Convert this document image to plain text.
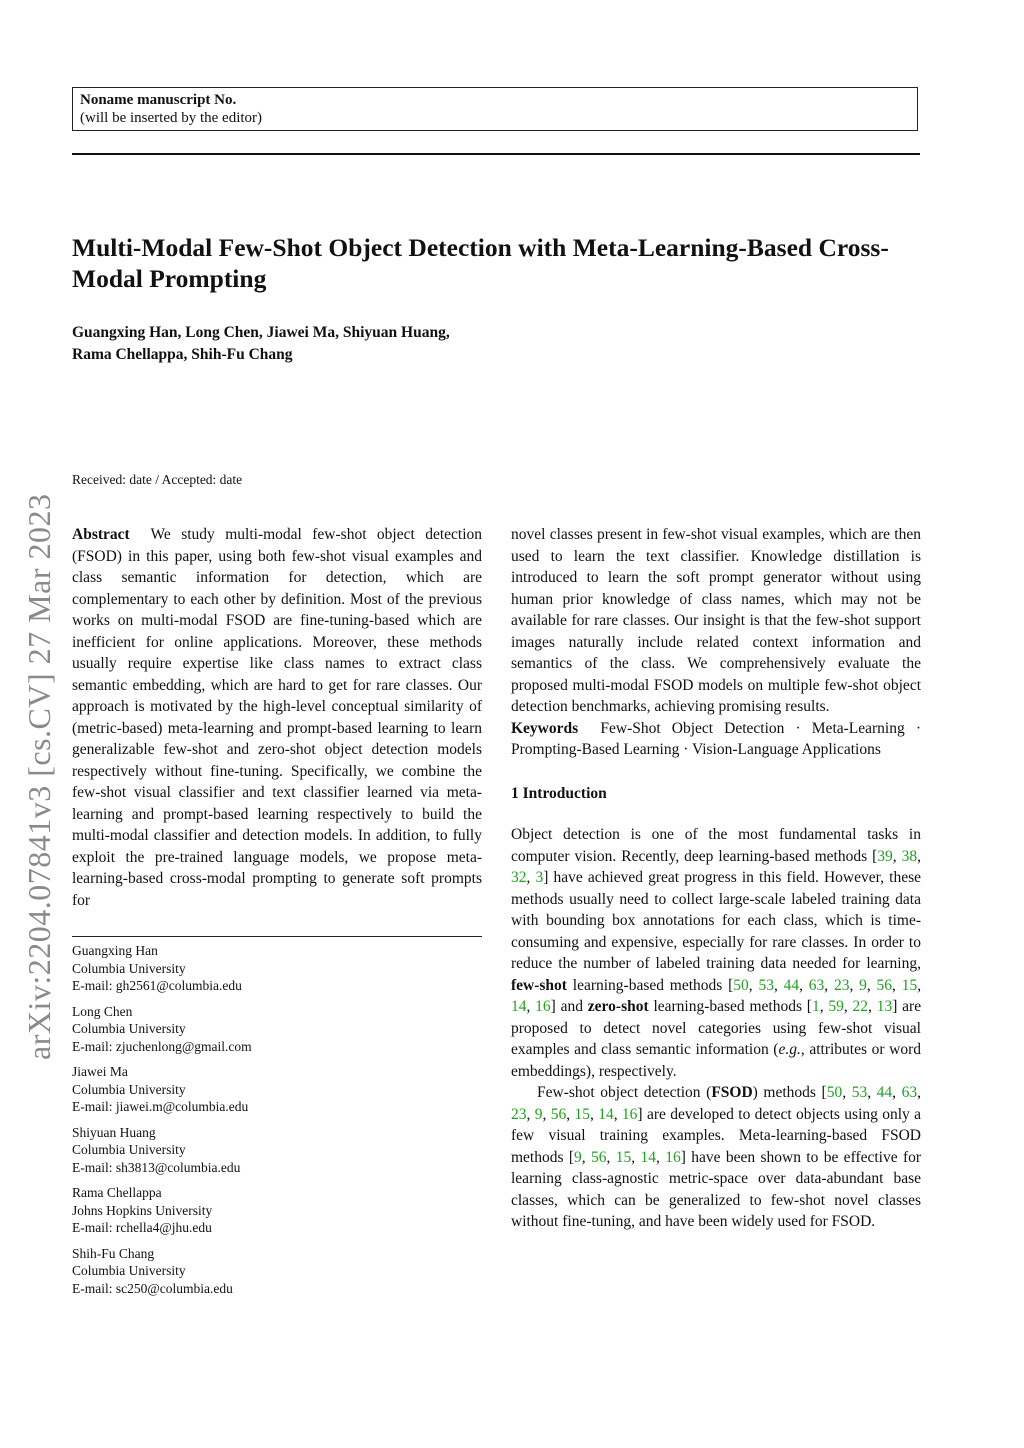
Noname manuscript No.
(will be inserted by the editor)
Multi-Modal Few-Shot Object Detection with Meta-Learning-Based Cross-Modal Prompting
Guangxing Han, Long Chen, Jiawei Ma, Shiyuan Huang,
Rama Chellappa, Shih-Fu Chang
Received: date / Accepted: date
arXiv:2204.07841v3 [cs.CV] 27 Mar 2023 Abstract We study multi-modal few-shot object detection (FSOD) in this paper, using both few-shot visual examples and class semantic information for detection, which are complementary to each other by definition. Most of the previous works on multi-modal FSOD are fine-tuning-based which are inefficient for online applications. Moreover, these methods usually require expertise like class names to extract class semantic embedding, which are hard to get for rare classes. Our approach is motivated by the high-level conceptual similarity of (metric-based) meta-learning and prompt-based learning to learn generalizable few-shot and zero-shot object detection models respectively without fine-tuning. Specifically, we combine the few-shot visual classifier and text classifier learned via meta-learning and prompt-based learning respectively to build the multi-modal classifier and detection models. In addition, to fully exploit the pre-trained language models, we propose meta-learning-based cross-modal prompting to generate soft prompts for

Guangxing Han
Columbia University
E-mail: gh2561@columbia.edu
Long Chen
Columbia University
E-mail: zjuchenlong@gmail.com
Jiawei Ma
Columbia University
E-mail: jiawei.m@columbia.edu
Shiyuan Huang
Columbia University
E-mail: sh3813@columbia.edu
Rama Chellappa
Johns Hopkins University
E-mail: rchella4@jhu.edu
Shih-Fu Chang
Columbia University
E-mail: sc250@columbia.edu

novel classes present in few-shot visual examples, which are then used to learn the text classifier. Knowledge distillation is introduced to learn the soft prompt generator without using human prior knowledge of class names, which may not be available for rare classes. Our insight is that the few-shot support images naturally include related context information and semantics of the class. We comprehensively evaluate the proposed multi-modal FSOD models on multiple few-shot object detection benchmarks, achieving promising results.

Keywords Few-Shot Object Detection · Meta-Learning · Prompting-Based Learning · Vision-Language Applications

1 Introduction

Object detection is one of the most fundamental tasks in computer vision. Recently, deep learning-based methods [39, 38, 32, 3] have achieved great progress in this field. However, these methods usually need to collect large-scale labeled training data with bounding box annotations for each class, which is time-consuming and expensive, especially for rare classes. In order to reduce the number of labeled training data needed for learning, few-shot learning-based methods [50, 53, 44, 63, 23, 9, 56, 15, 14, 16] and zero-shot learning-based methods [1, 59, 22, 13] are proposed to detect novel categories using few-shot visual examples and class semantic information (e.g., attributes or word embeddings), respectively.

Few-shot object detection (FSOD) methods [50, 53, 44, 63, 23, 9, 56, 15, 14, 16] are developed to detect objects using only a few visual training examples. Meta-learning-based FSOD methods [9, 56, 15, 14, 16] have been shown to be effective for learning class-agnostic metric-space over data-abundant base classes, which can be generalized to few-shot novel classes without fine-tuning, and have been widely used for FSOD.
